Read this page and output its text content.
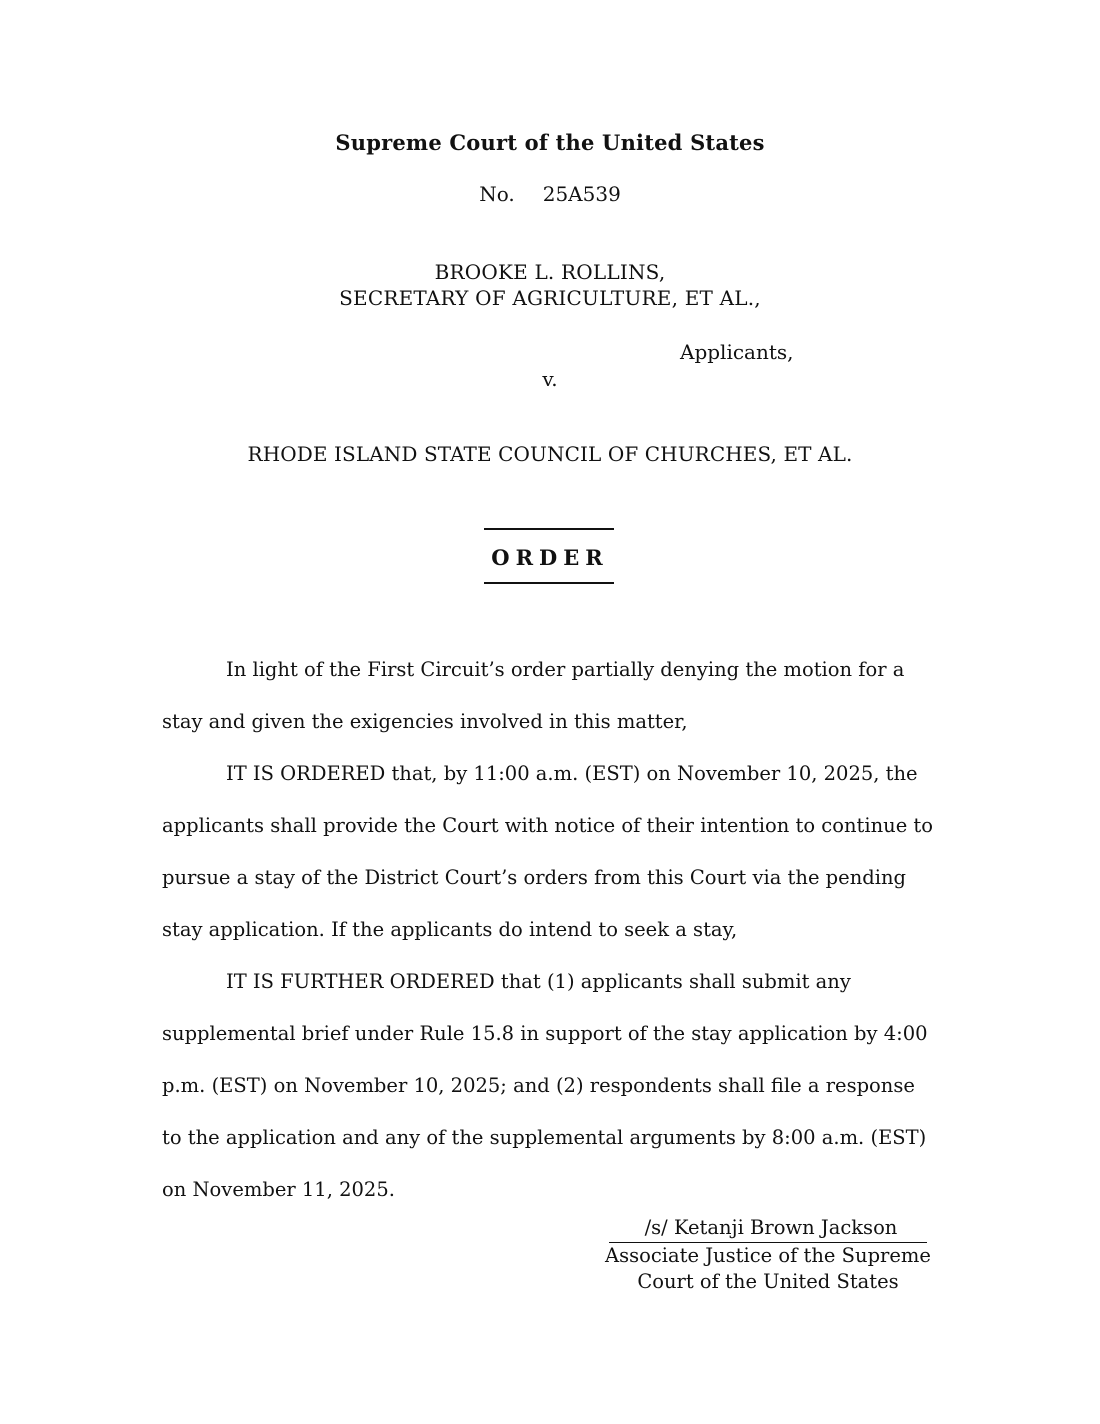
Supreme Court of the United States
No. 25A539
BROOKE L. ROLLINS,
SECRETARY OF AGRICULTURE, ET AL.,
Applicants,
v.
RHODE ISLAND STATE COUNCIL OF CHURCHES, ET AL.
ORDER

In light of the First Circuit’s order partially denying the motion for a stay and given the exigencies involved in this matter,

IT IS ORDERED that, by 11:00 a.m. (EST) on November 10, 2025, the applicants shall provide the Court with notice of their intention to continue to pursue a stay of the District Court’s orders from this Court via the pending stay application. If the applicants do intend to seek a stay,

IT IS FURTHER ORDERED that (1) applicants shall submit any supplemental brief under Rule 15.8 in support of the stay application by 4:00 p.m. (EST) on November 10, 2025; and (2) respondents shall file a response to the application and any of the supplemental arguments by 8:00 a.m. (EST) on November 11, 2025.

/s/ Ketanji Brown Jackson
Associate Justice of the Supreme
Court of the United States
